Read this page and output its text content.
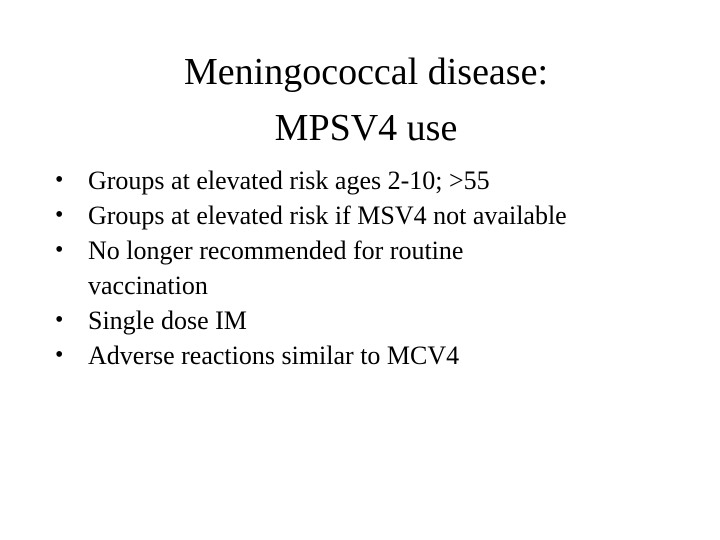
Meningococcal disease:
MPSV4 use
• Groups at elevated risk ages 2-10; >55
• Groups at elevated risk if MSV4 not available
• No longer recommended for routine vaccination
• Single dose IM
• Adverse reactions similar to MCV4
